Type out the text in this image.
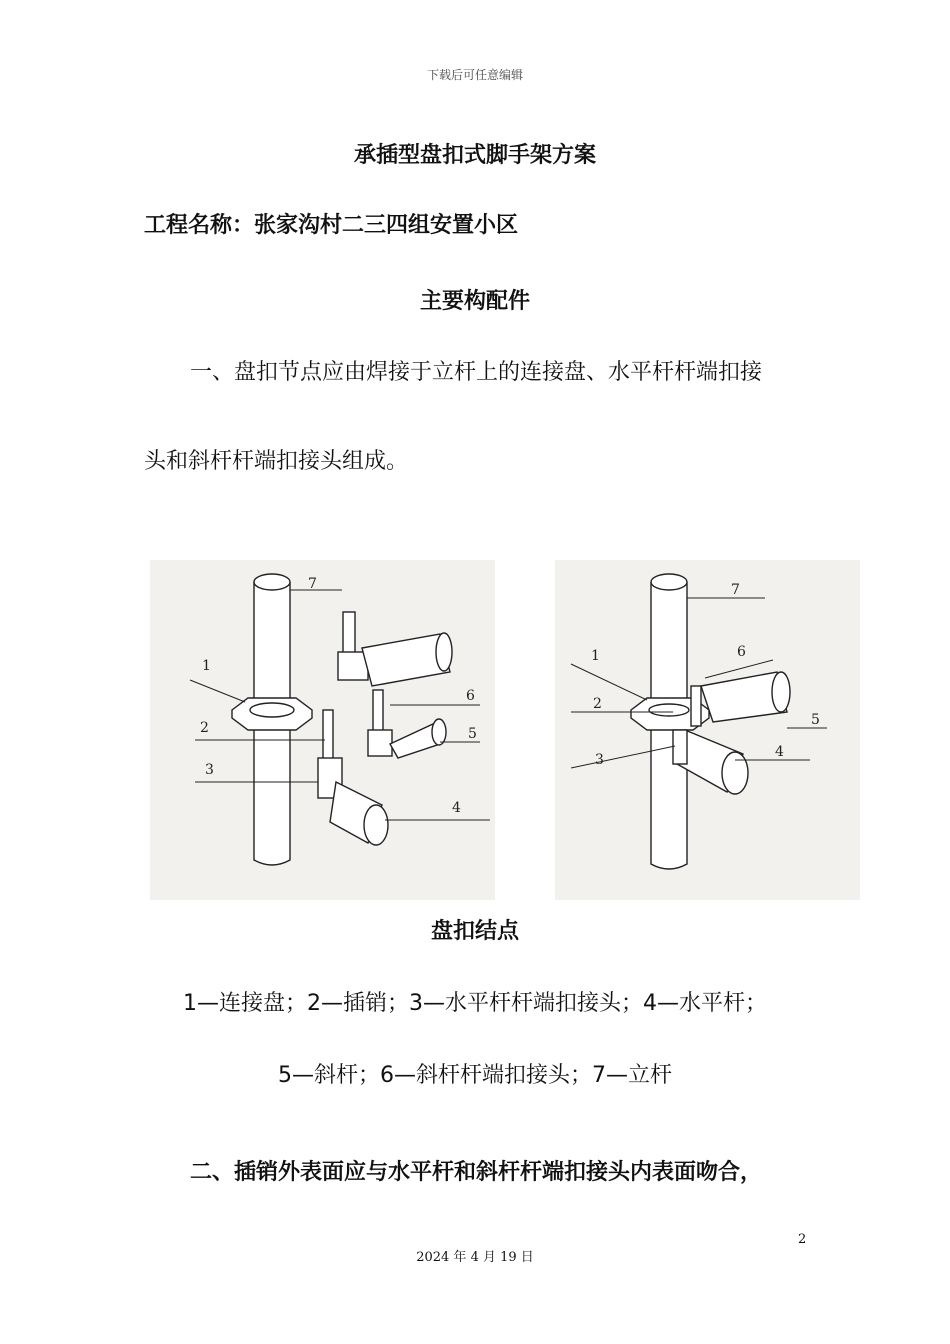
下载后可任意编辑
承插型盘扣式脚手架方案
工程名称：张家沟村二三四组安置小区
主要构配件
一、盘扣节点应由焊接于立杆上的连接盘、水平杆杆端扣接
头和斜杆杆端扣接头组成。
7
1
6
2	5
3
4
7
6
1
2
5
3	4
盘扣结点
1—连接盘；2—插销；3—水平杆杆端扣接头；4—水平杆；
5—斜杆；6—斜杆杆端扣接头；7—立杆
二、插销外表面应与水平杆和斜杆杆端扣接头内表面吻合，
2
2024 年 4 月 19 日
